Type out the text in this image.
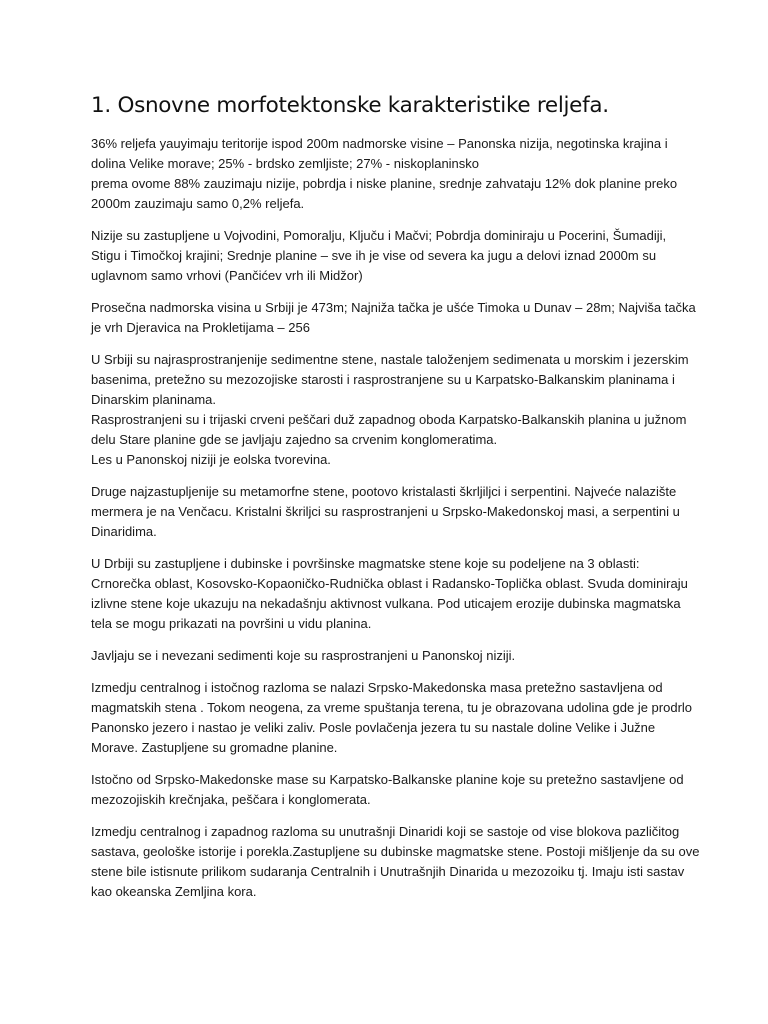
1. Osnovne morfotektonske karakteristike reljefa.

36% reljefa yauyimaju teritorije ispod 200m nadmorske visine – Panonska nizija, negotinska krajina i
dolina Velike morave; 25% - brdsko zemljiste; 27% - niskoplaninsko
prema ovome 88% zauzimaju nizije, pobrdja i niske planine, srednje zahvataju 12% dok planine preko
2000m zauzimaju samo 0,2% reljefa.

Nizije su zastupljene u Vojvodini, Pomoralju, Ključu i Mačvi; Pobrdja dominiraju u Pocerini, Šumadiji,
Stigu i Timočkoj krajini; Srednje planine – sve ih je vise od severa ka jugu a delovi iznad 2000m su
uglavnom samo vrhovi (Pančićev vrh ili Midžor)

Prosečna nadmorska visina u Srbiji je 473m; Najniža tačka je ušće Timoka u Dunav – 28m; Najviša tačka
je vrh Djeravica na Prokletijama – 256

U Srbiji su najrasprostranjenije sedimentne stene, nastale taloženjem sedimenata u morskim i jezerskim
basenima, pretežno su mezozojiske starosti i rasprostranjene su u Karpatsko-Balkanskim planinama i
Dinarskim planinama.
Rasprostranjeni su i trijaski crveni peščari duž zapadnog oboda Karpatsko-Balkanskih planina u južnom
delu Stare planine gde se javljaju zajedno sa crvenim konglomeratima.
Les u Panonskoj niziji je eolska tvorevina.

Druge najzastupljenije su metamorfne stene, pootovo kristalasti škrljiljci i serpentini. Najveće nalazište
mermera je na Venčacu. Kristalni škriljci su rasprostranjeni u Srpsko-Makedonskoj masi, a serpentini u
Dinaridima.

U Drbiji su zastupljene i dubinske i površinske magmatske stene koje su podeljene na 3 oblasti:
Crnorečka oblast, Kosovsko-Kopaoničko-Rudnička oblast i Radansko-Toplička oblast. Svuda dominiraju
izlivne stene koje ukazuju na nekadašnju aktivnost vulkana. Pod uticajem erozije dubinska magmatska
tela se mogu prikazati na površini u vidu planina.

Javljaju se i nevezani sedimenti koje su rasprostranjeni u Panonskoj niziji.

Izmedju centralnog i istočnog razloma se nalazi Srpsko-Makedonska masa pretežno sastavljena od
magmatskih stena . Tokom neogena, za vreme spuštanja terena, tu je obrazovana udolina gde je prodrlo
Panonsko jezero i nastao je veliki zaliv. Posle povlačenja jezera tu su nastale doline Velike i Južne
Morave. Zastupljene su gromadne planine.

Istočno od Srpsko-Makedonske mase su Karpatsko-Balkanske planine koje su pretežno sastavljene od
mezozojiskih krečnjaka, peščara i konglomerata.

Izmedju centralnog i zapadnog razloma su unutrašnji Dinaridi koji se sastoje od vise blokova pazličitog
sastava, geološke istorije i porekla.Zastupljene su dubinske magmatske stene. Postoji mišljenje da su ove
stene bile istisnute prilikom sudaranja Centralnih i Unutrašnjih Dinarida u mezozoiku tj. Imaju isti sastav
kao okeanska Zemljina kora.
